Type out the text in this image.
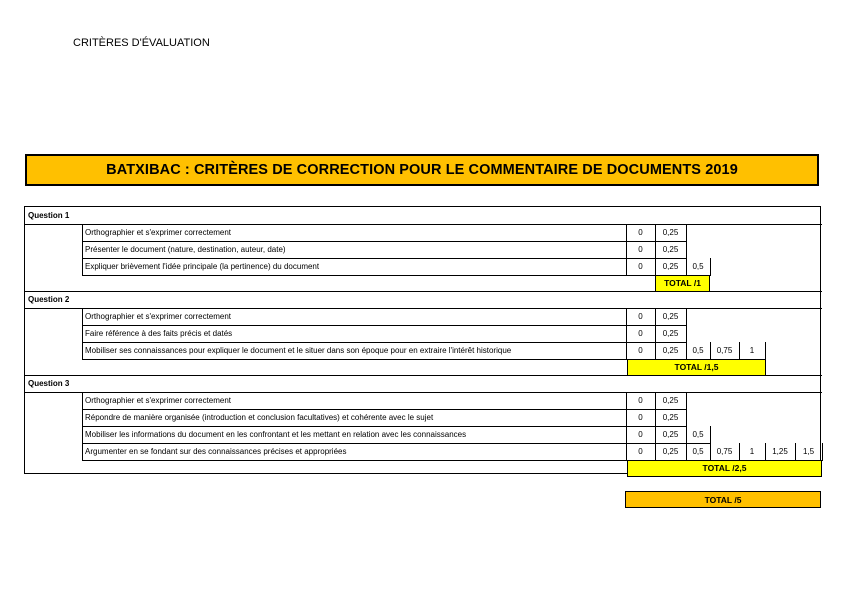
CRITÈRES D'ÉVALUATION
BATXIBAC : CRITÈRES DE CORRECTION POUR LE COMMENTAIRE DE DOCUMENTS 2019
Question 1
Orthographier et s'exprimer correctement	0	0,25
Présenter le document (nature, destination, auteur, date)	0	0,25
Expliquer brièvement l'idée principale (la pertinence) du document	0	0,25	0,5
TOTAL /1
Question 2
Orthographier et s'exprimer correctement	0	0,25
Faire référence à des faits précis et datés	0	0,25
Mobiliser ses connaissances pour expliquer le document et le situer dans son époque pour en extraire l'intérêt historique	0	0,25	0,5	0,75	1
TOTAL /1,5
Question 3
Orthographier et s'exprimer correctement	0	0,25
Répondre de manière organisée (introduction et conclusion facultatives) et cohérente avec le sujet	0	0,25
Mobiliser les informations du document en les confrontant et les mettant en relation avec les connaissances	0	0,25	0,5
Argumenter en se fondant sur des connaissances précises et appropriées	0	0,25	0,5	0,75	1	1,25	1,5
TOTAL /2,5
TOTAL /5
